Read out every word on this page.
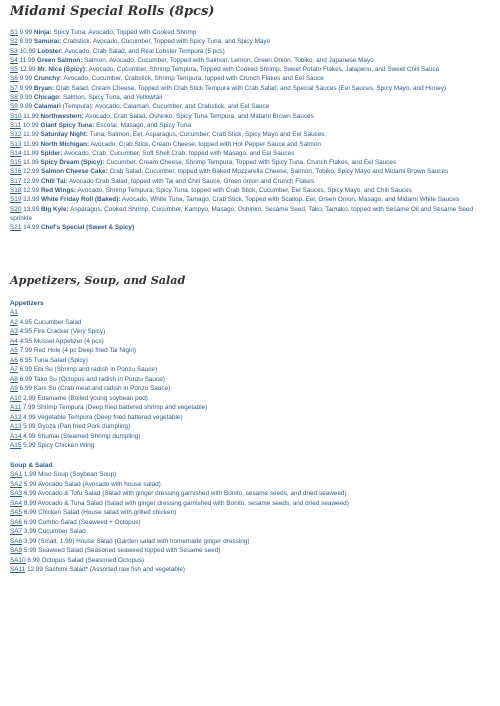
Midami Special Rolls (8pcs)
S1 9.99 Ninja: Spicy Tuna, Avocado, Topped with Cooked Shrimp
S2 8.99 Samurai: Crabstick, Avocado, Cucumber, Topped with Spicy Tuna, and Spicy Mayo
S3 10.99 Lobster: Avocado, Crab Salad, and Real Lobster Tempura (5 pcs)
S4 11.99 Green Salmon: Salmon, Avocado, Cucumber, Topped with Salmon, Lemon, Green Onion, Tobiko, and Japanese Mayo
S5 12.99 Mr. Nice (Spicy): Avocado, Cucumber, Shrimp Tempura, Topped with Cooked Shrimp, Sweet Potato Flakes, Jalapeno, and Sweet Chili Sauce
S6 9.99 Crunchy: Avocado, Cucumber, Crabstick, Shrimp Tempura, topped with Crunch Flakes and Eel Sauce
S7 9.99 Bryan: Crab Salad, Cream Cheese, Topped with Crab Stick Tempura with Crab Salad, and Special Sauces (Eel Sauces, Spicy Mayo, and Honey)
S8 9.99 Chicago: Salmon, Spicy Tuna, and Yellowtail
S9 9.99 Calamari (Tempura): Avocado, Calamari, Cucumber, and Crabstick, and Eel Sauce
S10 11.99 Northwestern: Avocado, Crab Salad, Oshinko, Spicy Tuna Tempura, and Midami Brown Sauces
S11 10.99 Giant Spicy Tuna: Escolar, Masago, and Spicy Tuna
S12 11.99 Saturday Night: Tuna, Salmon, Eel, Asparagus, Cucumber, Crab Stick, Spicy Mayo and Eel Sauces
S13 11.99 North Michigan: Avocado, Crab Stick, Cream Cheese, topped with Hot Pepper Sauce and Salmon
S14 11.99 Spider: Avocado, Crab, Cucumber, Soft Shell Crab, topped with Masago, and Eel Sauces
S15 11.99 Spicy Dream (Spicy): Cucumber, Cream Cheese, Shrimp Tempura, Topped with Spicy Tuna, Crunch Flakes, and Eel Sauces
S16 12.99 Salmon Cheese Cake: Crab Salad, Cucumber, topped with Baked Mozzarella Cheese, Salmon, Tobiko, Spicy Mayo and Midami Brown Sauces
S17 12.99 Chili Tai: Avocado Crab Salad, topped with Tai and Chili Sauce, Green onion and Crunch Flakes
S18 12.99 Red Wings: Avocado, Shrimp Tempura, Spicy Tuna, topped with Crab Stick, Cucumber, Eel Sauces, Spicy Mayo, and Chili Sauces
S19 13.99 White Friday Roll (Baked): Avocado, White Tuna, Tamago, Crab Stick, Topped with Scallop, Eel, Green Onion, Masago, and Midami White Sauces
S20 13.99 Big Kyle: Asparagus, Cooked Shrimp, Cucumber, Kampyo, Masago, Oshinko, Sesame Seed, Tako, Tamako, topped with Sesame Oil and Sesame Seed sprinkle
S21 14.99 Chef's Special (Sweet & Spicy)
Appetizers, Soup, and Salad
Appetizers
A1
A2 4.95 Cucumber Salad
A3 4.95 Fire Cracker (Very Spicy)
A4 4.95 Mussel Appetizer (4 pcs)
A5 7.99 Red Hole (4 pc Deep fried Tai Nigiri)
A6 6.95 Tuna Salad (Spicy)
A7 6.99 Ebi Su (Shrimp and radish in Ponzu Sauce)
A8 6.99 Tako Su (Octopus and radish in Ponzu Sauce)
A9 6.99 Kani Su (Crab meat and radish in Ponzu Sauce)
A10 2.99 Edamame (Boiled young soybean pod)
A11 7.99 Shrimp Tempura (Deep fried battered shrimp and vegetable)
A12 4.99 Vegetable Tempura (Deep fried battered vegetable)
A13 5.99 Gyoza (Pan fried Pork dumpling)
A14 4.99 Shumai (Steamed Shrimp dumpling)
A15 5.99 Spicy Chicken Wing
Soup & Salad
SA1 1.99 Miso Soup (Soybean Soup)
SA2 5.99 Avocado Salad (Avocado with house salad)
SA3 6.99 Avocado & Tofu Salad (Salad with ginger dressing garnished with Bonito, sesame seeds, and dried seaweed)
SA4 8.99 Avocado & Tuna Salad (Salad with ginger dressing garnished with Bonito, sesame seeds, and dried seaweed)
SA5 6.99 Chicken Salad (House salad with grilled chicken)
SA6 6.99 Combo Salad (Seaweed + Octopus)
SA7 3.99 Cucumber Salad
SA8 3.99 (Small, 1.99) House Salad (Garden salad with homemade ginger dressing)
SA9 5.99 Seaweed Salad (Seasoned seaweed topped with Sesame seed)
SA10 6.99 Octopus Salad (Seasoned Octopus)
SA11 12.99 Sashimi Salad* (Assorted raw fish and vegetable)
